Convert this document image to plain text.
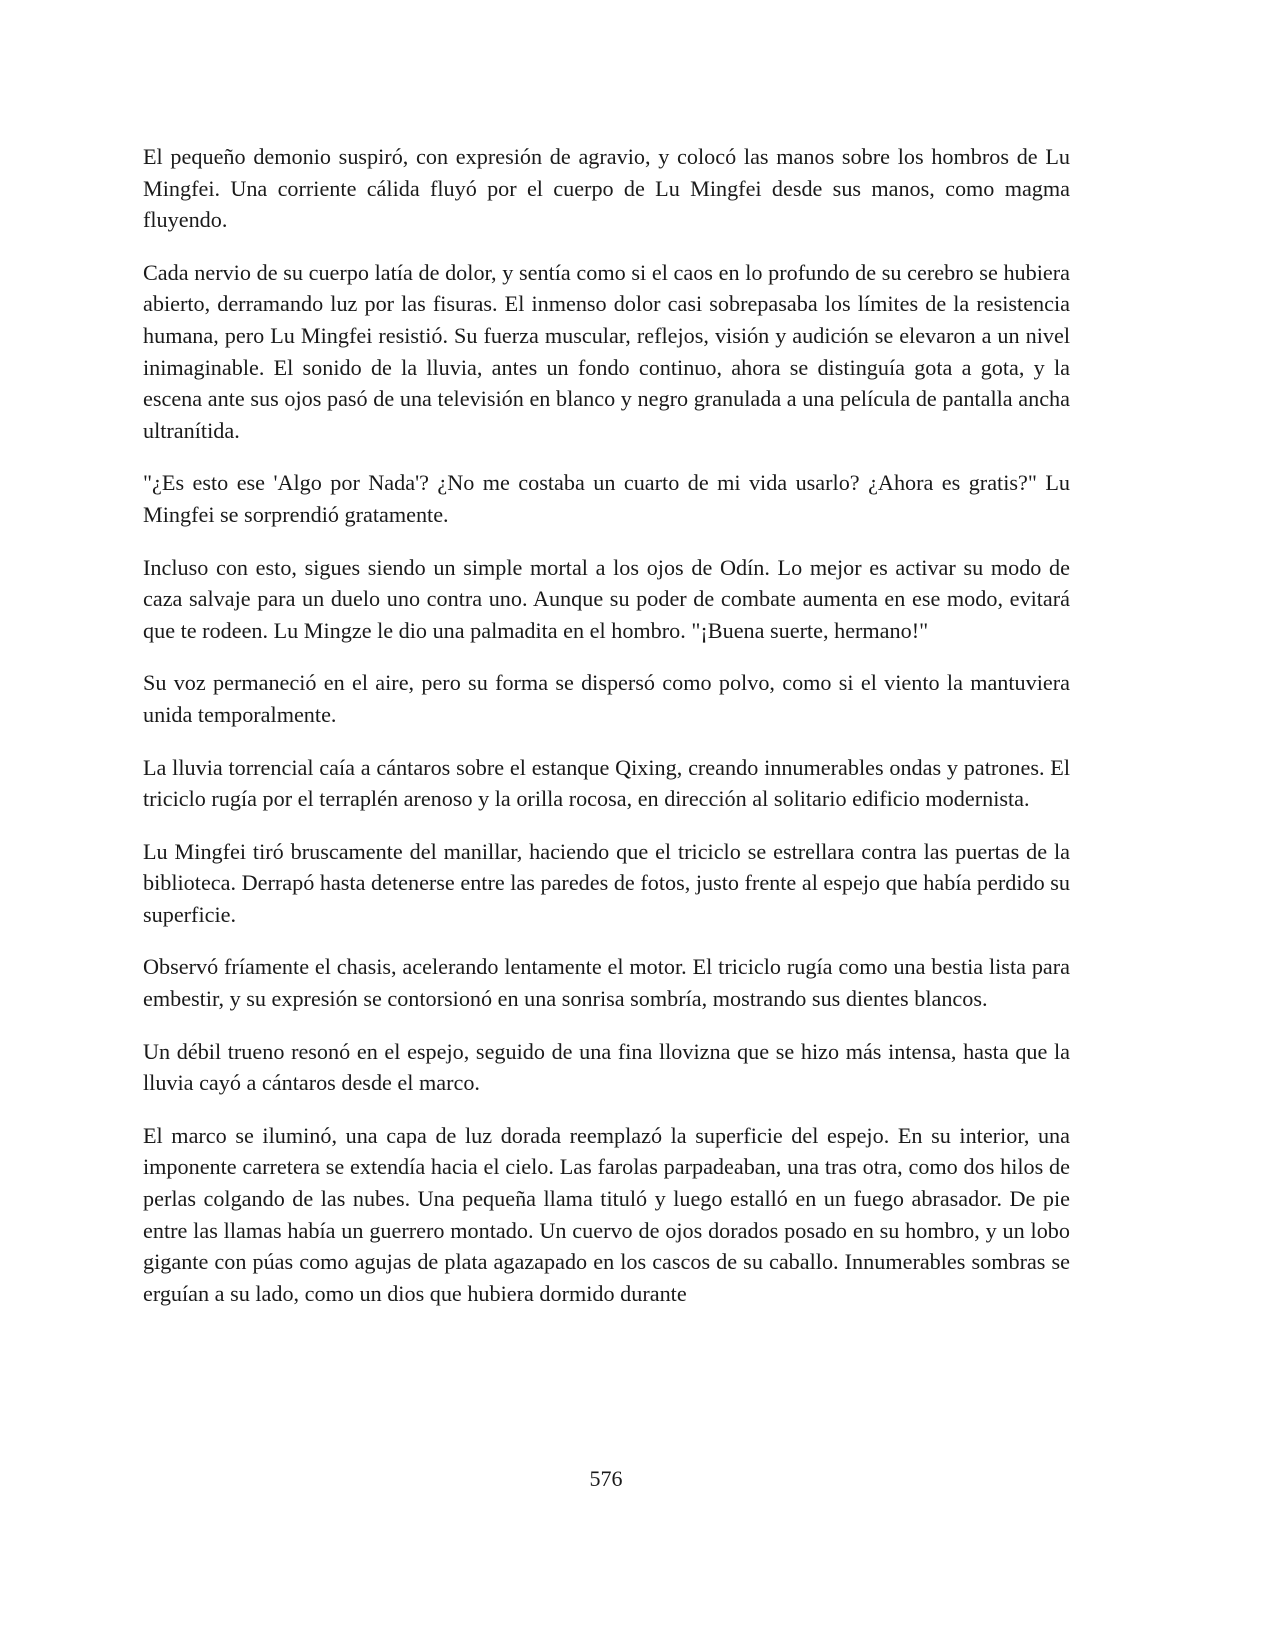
El pequeño demonio suspiró, con expresión de agravio, y colocó las manos sobre los hombros de Lu Mingfei. Una corriente cálida fluyó por el cuerpo de Lu Mingfei desde sus manos, como magma fluyendo.

Cada nervio de su cuerpo latía de dolor, y sentía como si el caos en lo profundo de su cerebro se hubiera abierto, derramando luz por las fisuras. El inmenso dolor casi sobrepasaba los límites de la resistencia humana, pero Lu Mingfei resistió. Su fuerza muscular, reflejos, visión y audición se elevaron a un nivel inimaginable. El sonido de la lluvia, antes un fondo continuo, ahora se distinguía gota a gota, y la escena ante sus ojos pasó de una televisión en blanco y negro granulada a una película de pantalla ancha ultranítida.

"¿Es esto ese 'Algo por Nada'? ¿No me costaba un cuarto de mi vida usarlo? ¿Ahora es gratis?" Lu Mingfei se sorprendió gratamente.

Incluso con esto, sigues siendo un simple mortal a los ojos de Odín. Lo mejor es activar su modo de caza salvaje para un duelo uno contra uno. Aunque su poder de combate aumenta en ese modo, evitará que te rodeen. Lu Mingze le dio una palmadita en el hombro. "¡Buena suerte, hermano!"

Su voz permaneció en el aire, pero su forma se dispersó como polvo, como si el viento la mantuviera unida temporalmente.

La lluvia torrencial caía a cántaros sobre el estanque Qixing, creando innumerables ondas y patrones. El triciclo rugía por el terraplén arenoso y la orilla rocosa, en dirección al solitario edificio modernista.

Lu Mingfei tiró bruscamente del manillar, haciendo que el triciclo se estrellara contra las puertas de la biblioteca. Derrapó hasta detenerse entre las paredes de fotos, justo frente al espejo que había perdido su superficie.

Observó fríamente el chasis, acelerando lentamente el motor. El triciclo rugía como una bestia lista para embestir, y su expresión se contorsionó en una sonrisa sombría, mostrando sus dientes blancos.

Un débil trueno resonó en el espejo, seguido de una fina llovizna que se hizo más intensa, hasta que la lluvia cayó a cántaros desde el marco.

El marco se iluminó, una capa de luz dorada reemplazó la superficie del espejo. En su interior, una imponente carretera se extendía hacia el cielo. Las farolas parpadeaban, una tras otra, como dos hilos de perlas colgando de las nubes. Una pequeña llama tituló y luego estalló en un fuego abrasador. De pie entre las llamas había un guerrero montado. Un cuervo de ojos dorados posado en su hombro, y un lobo gigante con púas como agujas de plata agazapado en los cascos de su caballo. Innumerables sombras se erguían a su lado, como un dios que hubiera dormido durante

576
